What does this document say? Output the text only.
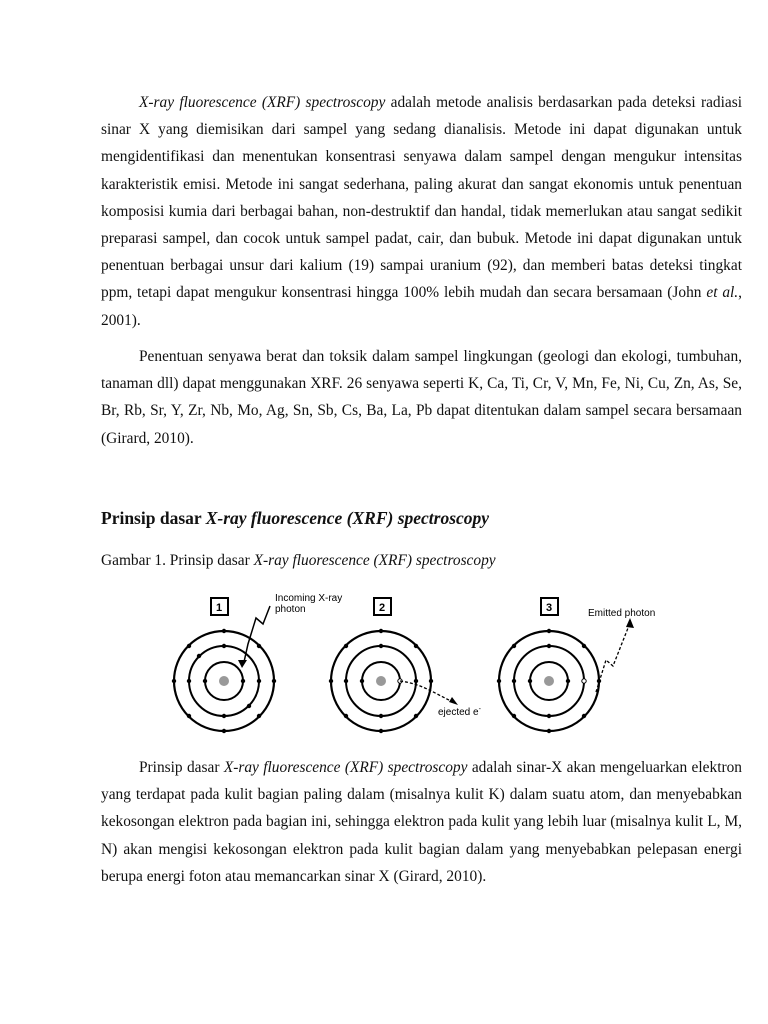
X-ray fluorescence (XRF) spectroscopy adalah metode analisis berdasarkan pada deteksi radiasi sinar X yang diemisikan dari sampel yang sedang dianalisis. Metode ini dapat digunakan untuk mengidentifikasi dan menentukan konsentrasi senyawa dalam sampel dengan mengukur intensitas karakteristik emisi. Metode ini sangat sederhana, paling akurat dan sangat ekonomis untuk penentuan komposisi kumia dari berbagai bahan, non-destruktif dan handal, tidak memerlukan atau sangat sedikit preparasi sampel, dan cocok untuk sampel padat, cair, dan bubuk. Metode ini dapat digunakan untuk penentuan berbagai unsur dari kalium (19) sampai uranium (92), dan memberi batas deteksi tingkat ppm, tetapi dapat mengukur konsentrasi hingga 100% lebih mudah dan secara bersamaan (John et al., 2001).

Penentuan senyawa berat dan toksik dalam sampel lingkungan (geologi dan ekologi, tumbuhan, tanaman dll) dapat menggunakan XRF. 26 senyawa seperti K, Ca, Ti, Cr, V, Mn, Fe, Ni, Cu, Zn, As, Se, Br, Rb, Sr, Y, Zr, Nb, Mo, Ag, Sn, Sb, Cs, Ba, La, Pb dapat ditentukan dalam sampel secara bersamaan (Girard, 2010).

Prinsip dasar X-ray fluorescence (XRF) spectroscopy

Gambar 1. Prinsip dasar X-ray fluorescence (XRF) spectroscopy

1
Incoming X-ray
photon	2
ejected e-
3	Emitted photon

Prinsip dasar X-ray fluorescence (XRF) spectroscopy adalah sinar-X akan mengeluarkan elektron yang terdapat pada kulit bagian paling dalam (misalnya kulit K) dalam suatu atom, dan menyebabkan kekosongan elektron pada bagian ini, sehingga elektron pada kulit yang lebih luar (misalnya kulit L, M, N) akan mengisi kekosongan elektron pada kulit bagian dalam yang menyebabkan pelepasan energi berupa energi foton atau memancarkan sinar X (Girard, 2010).
